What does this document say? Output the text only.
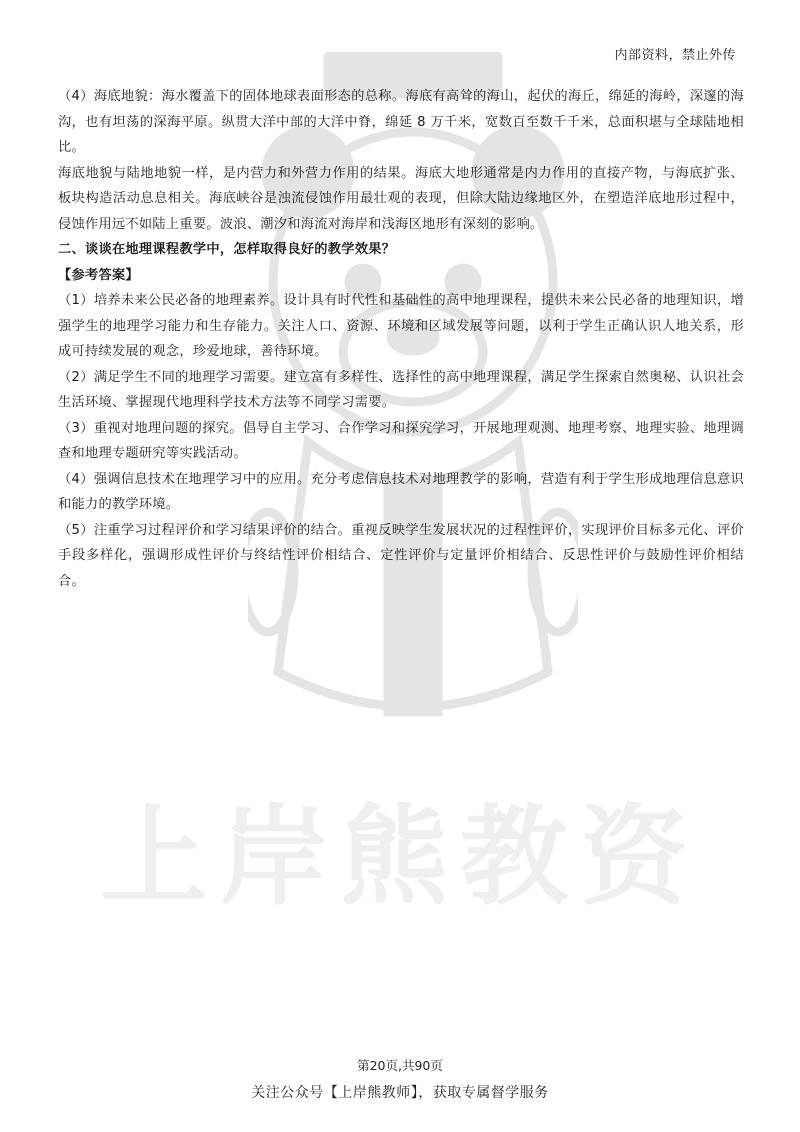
内部资料，禁止外传
上岸熊教资

（4）海底地貌：海水覆盖下的固体地球表面形态的总称。海底有高耸的海山，起伏的海丘，绵延的海岭，深邃的海沟，也有坦荡的深海平原。纵贯大洋中部的大洋中脊，绵延 8 万千米，宽数百至数千千米，总面积堪与全球陆地相比。

海底地貌与陆地地貌一样，是内营力和外营力作用的结果。海底大地形通常是内力作用的直接产物，与海底扩张、板块构造活动息息相关。海底峡谷是浊流侵蚀作用最壮观的表现，但除大陆边缘地区外，在塑造洋底地形过程中，侵蚀作用远不如陆上重要。波浪、潮汐和海流对海岸和浅海区地形有深刻的影响。

二、谈谈在地理课程教学中，怎样取得良好的教学效果？

【参考答案】

（1）培养未来公民必备的地理素养。设计具有时代性和基础性的高中地理课程，提供未来公民必备的地理知识，增强学生的地理学习能力和生存能力。关注人口、资源、环境和区域发展等问题，以利于学生正确认识人地关系，形成可持续发展的观念，珍爱地球，善待环境。

（2）满足学生不同的地理学习需要。建立富有多样性、选择性的高中地理课程，满足学生探索自然奥秘、认识社会生活环境、掌握现代地理科学技术方法等不同学习需要。

（3）重视对地理问题的探究。倡导自主学习、合作学习和探究学习，开展地理观测、地理考察、地理实验、地理调查和地理专题研究等实践活动。

（4）强调信息技术在地理学习中的应用。充分考虑信息技术对地理教学的影响，营造有利于学生形成地理信息意识和能力的教学环境。

（5）注重学习过程评价和学习结果评价的结合。重视反映学生发展状况的过程性评价，实现评价目标多元化、评价手段多样化，强调形成性评价与终结性评价相结合、定性评价与定量评价相结合、反思性评价与鼓励性评价相结合。

第20页,共90页
关注公众号【上岸熊教师】，获取专属督学服务
